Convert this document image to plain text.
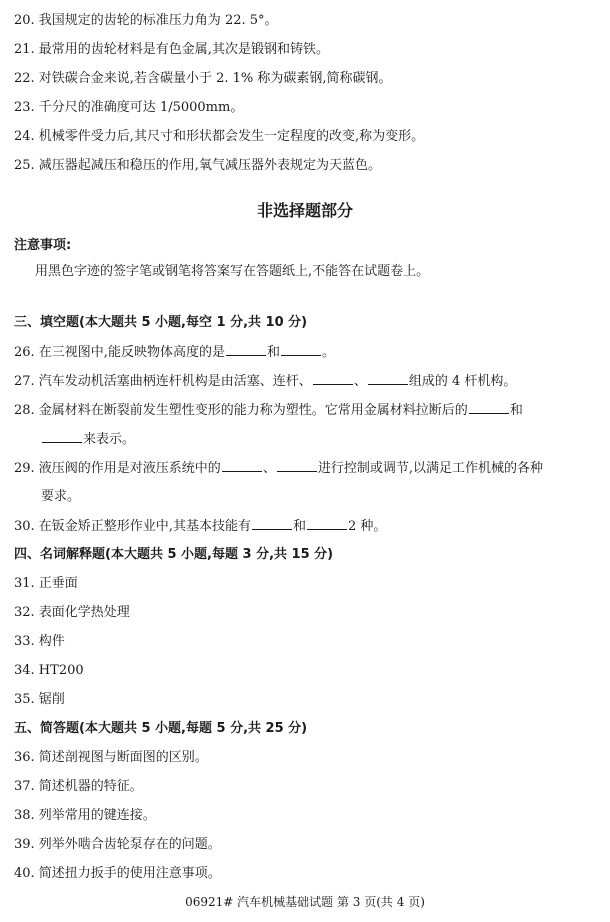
20. 我国规定的齿轮的标准压力角为 22. 5°。
21. 最常用的齿轮材料是有色金属,其次是锻钢和铸铁。
22. 对铁碳合金来说,若含碳量小于 2. 1% 称为碳素钢,简称碳钢。
23. 千分尺的准确度可达 1/5000mm。
24. 机械零件受力后,其尺寸和形状都会发生一定程度的改变,称为变形。
25. 减压器起减压和稳压的作用,氧气减压器外表规定为天蓝色。
非选择题部分
注意事项:
用黑色字迹的签字笔或钢笔将答案写在答题纸上,不能答在试题卷上。
三、填空题(本大题共 5 小题,每空 1 分,共 10 分)
26. 在三视图中,能反映物体高度的是	和	。
27. 汽车发动机活塞曲柄连杆机构是由活塞、连杆、	、	组成的 4 杆机构。
28. 金属材料在断裂前发生塑性变形的能力称为塑性。它常用金属材料拉断后的	和
来表示。
29. 液压阀的作用是对液压系统中的	、	进行控制或调节,以满足工作机械的各种
要求。
30. 在钣金矫正整形作业中,其基本技能有	和	2 种。
四、名词解释题(本大题共 5 小题,每题 3 分,共 15 分)
31. 正垂面
32. 表面化学热处理
33. 构件
34. HT200
35. 锯削
五、简答题(本大题共 5 小题,每题 5 分,共 25 分)
36. 简述剖视图与断面图的区别。
37. 简述机器的特征。
38. 列举常用的键连接。
39. 列举外啮合齿轮泵存在的问题。
40. 简述扭力扳手的使用注意事项。
06921# 汽车机械基础试题 第 3 页(共 4 页)
